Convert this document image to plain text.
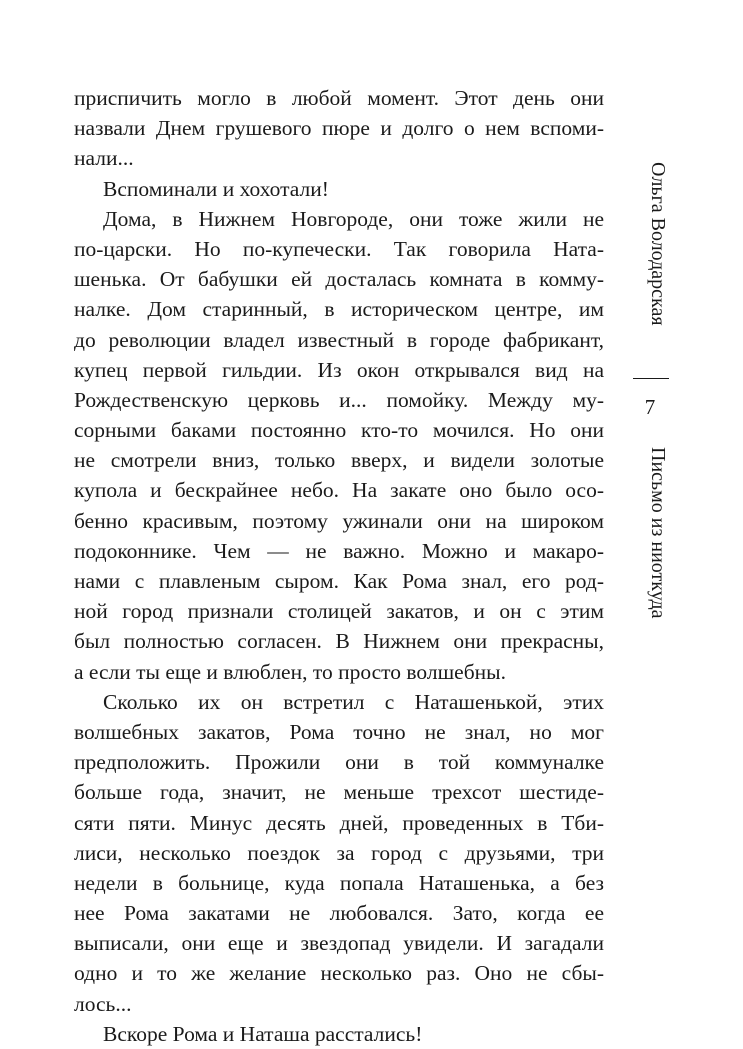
приспичить могло в любой момент. Этот день они
назвали Днем грушевого пюре и долго о нем вспоми-
нали...
Вспоминали и хохотали!
Дома, в Нижнем Новгороде, они тоже жили не
по-царски. Но по-купечески. Так говорила Ната-
шенька. От бабушки ей досталась комната в комму-
налке. Дом старинный, в историческом центре, им
до революции владел известный в городе фабрикант,
купец первой гильдии. Из окон открывался вид на
Рождественскую церковь и... помойку. Между му-
сорными баками постоянно кто-то мочился. Но они
не смотрели вниз, только вверх, и видели золотые
купола и бескрайнее небо. На закате оно было осо-
бенно красивым, поэтому ужинали они на широком
подоконнике. Чем — не важно. Можно и макаро-
нами с плавленым сыром. Как Рома знал, его род-
ной город признали столицей закатов, и он с этим
был полностью согласен. В Нижнем они прекрасны,
а если ты еще и влюблен, то просто волшебны.
Сколько их он встретил с Наташенькой, этих
волшебных закатов, Рома точно не знал, но мог
предположить. Прожили они в той коммуналке
больше года, значит, не меньше трехсот шестиде-
сяти пяти. Минус десять дней, проведенных в Тби-
лиси, несколько поездок за город с друзьями, три
недели в больнице, куда попала Наташенька, а без
нее Рома закатами не любовался. Зато, когда ее
выписали, они еще и звездопад увидели. И загадали
одно и то же желание несколько раз. Оно не сбы-
лось...
Вскоре Рома и Наташа расстались!
Ольга Володарская
7
Письмо из ниоткуда
